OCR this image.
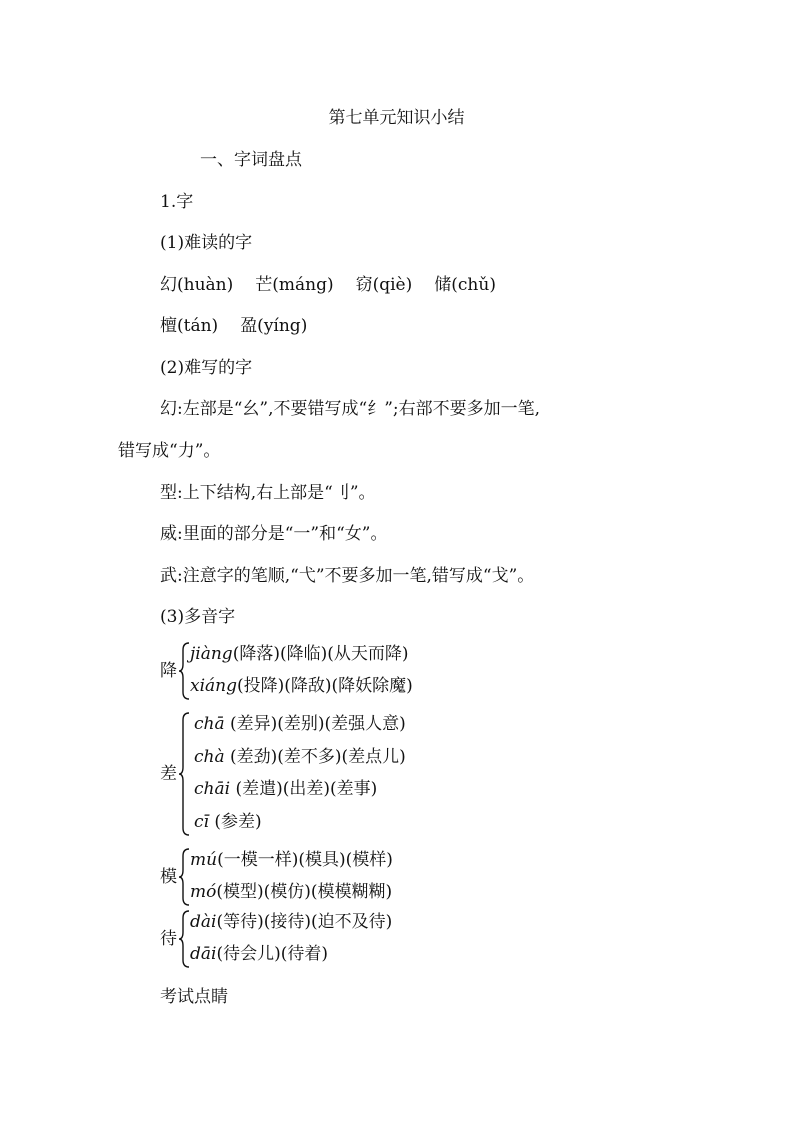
第七单元知识小结
一、字词盘点
1.字
(1)难读的字
幻(huàn) 芒(máng) 窃(qiè) 储(chǔ)
檀(tán) 盈(yíng)
(2)难写的字
幻:左部是“幺”,不要错写成“纟”;右部不要多加一笔,
错写成“力”。
型:上下结构,右上部是“刂”。
威:里面的部分是“一”和“女”。
武:注意字的笔顺,“弋”不要多加一笔,错写成“戈”。
(3)多音字
降
jiàng(降落)(降临)(从天而降)
xiáng(投降)(降敌)(降妖除魔)
差
chā (差异)(差别)(差强人意)
chà (差劲)(差不多)(差点儿)
chāi (差遣)(出差)(差事)
cī (参差)
模
mú(一模一样)(模具)(模样)
mó(模型)(模仿)(模模糊糊)
待
dài(等待)(接待)(迫不及待)
dāi(待会儿)(待着)
考试点睛
